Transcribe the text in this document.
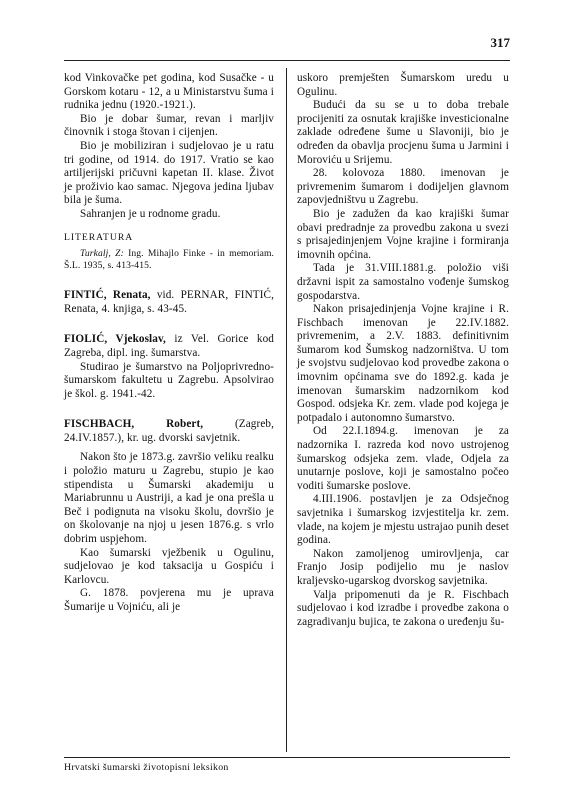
317

kod Vinkovačke pet godina, kod Susačke - u Gorskom kotaru - 12, a u Ministarstvu šuma i rudnika jednu (1920.-1921.).

Bio je dobar šumar, revan i marljiv činovnik i stoga štovan i cijenjen.

Bio je mobiliziran i sudjelovao je u ratu tri godine, od 1914. do 1917. Vratio se kao artiljerijski pričuvni kapetan II. klase. Život je proživio kao samac. Njegova jedina ljubav bila je šuma.

Sahranjen je u rodnome gradu.

LITERATURA

Turkalj, Z: Ing. Mihajlo Finke - in memoriam. Š.L. 1935, s. 413-415.

FINTIĆ, Renata, vid. PERNAR, FINTIĆ, Renata, 4. knjiga, s. 43-45.

FIOLIĆ, Vjekoslav, iz Vel. Gorice kod Zagreba, dipl. ing. šumarstva.

Studirao je šumarstvo na Poljoprivredno-šumarskom fakultetu u Zagrebu. Apsolvirao je škol. g. 1941.-42.

FISCHBACH, Robert, (Zagreb, 24.IV.1857.), kr. ug. dvorski savjetnik.

Nakon što je 1873.g. završio veliku realku i položio maturu u Zagrebu, stupio je kao stipendista u Šumarski akademiju u Mariabrunnu u Austriji, a kad je ona prešla u Beč i podignuta na visoku školu, dovršio je on školovanje na njoj u jesen 1876.g. s vrlo dobrim uspjehom.

Kao šumarski vježbenik u Ogulinu, sudjelovao je kod taksacija u Gospiću i Karlovcu.

G. 1878. povjerena mu je uprava Šumarije u Vojniću, ali je

uskoro premješten Šumarskom uredu u Ogulinu.

Budući da su se u to doba trebale procijeniti za osnutak krajiške investicionalne zaklade određene šume u Slavoniji, bio je određen da obavlja procjenu šuma u Jarmini i Moroviću u Srijemu.

28. kolovoza 1880. imenovan je privremenim šumarom i dodijeljen glavnom zapovjedništvu u Zagrebu.

Bio je zadužen da kao krajiški šumar obavi predradnje za provedbu zakona u svezi s prisajedinjenjem Vojne krajine i formiranja imovnih općina.

Tada je 31.VIII.1881.g. položio viši državni ispit za samostalno vođenje šumskog gospodarstva.

Nakon prisajedinjenja Vojne krajine i R. Fischbach imenovan je 22.IV.1882. privremenim, a 2.V. 1883. definitivnim šumarom kod Šumskog nadzorništva. U tom je svojstvu sudjelovao kod provedbe zakona o imovnim općinama sve do 1892.g. kada je imenovan šumarskim nadzornikom kod Gospod. odsjeka Kr. zem. vlade pod kojega je potpadalo i autonomno šumarstvo.

Od 22.I.1894.g. imenovan je za nadzornika I. razreda kod novo ustrojenog šumarskog odsjeka zem. vlade, Odjela za unutarnje poslove, koji je samostalno počeo voditi šumarske poslove.

4.III.1906. postavljen je za Odsječnog savjetnika i šumarskog izvjestitelja kr. zem. vlade, na kojem je mjestu ustrajao punih deset godina.

Nakon zamoljenog umirovljenja, car Franjo Josip podijelio mu je naslov kraljevsko-ugarskog dvorskog savjetnika.

Valja pripomenuti da je R. Fischbach sudjelovao i kod izradbe i provedbe zakona o zagradivanju bujica, te zakona o uređenju šu-

Hrvatski šumarski životopisni leksikon
